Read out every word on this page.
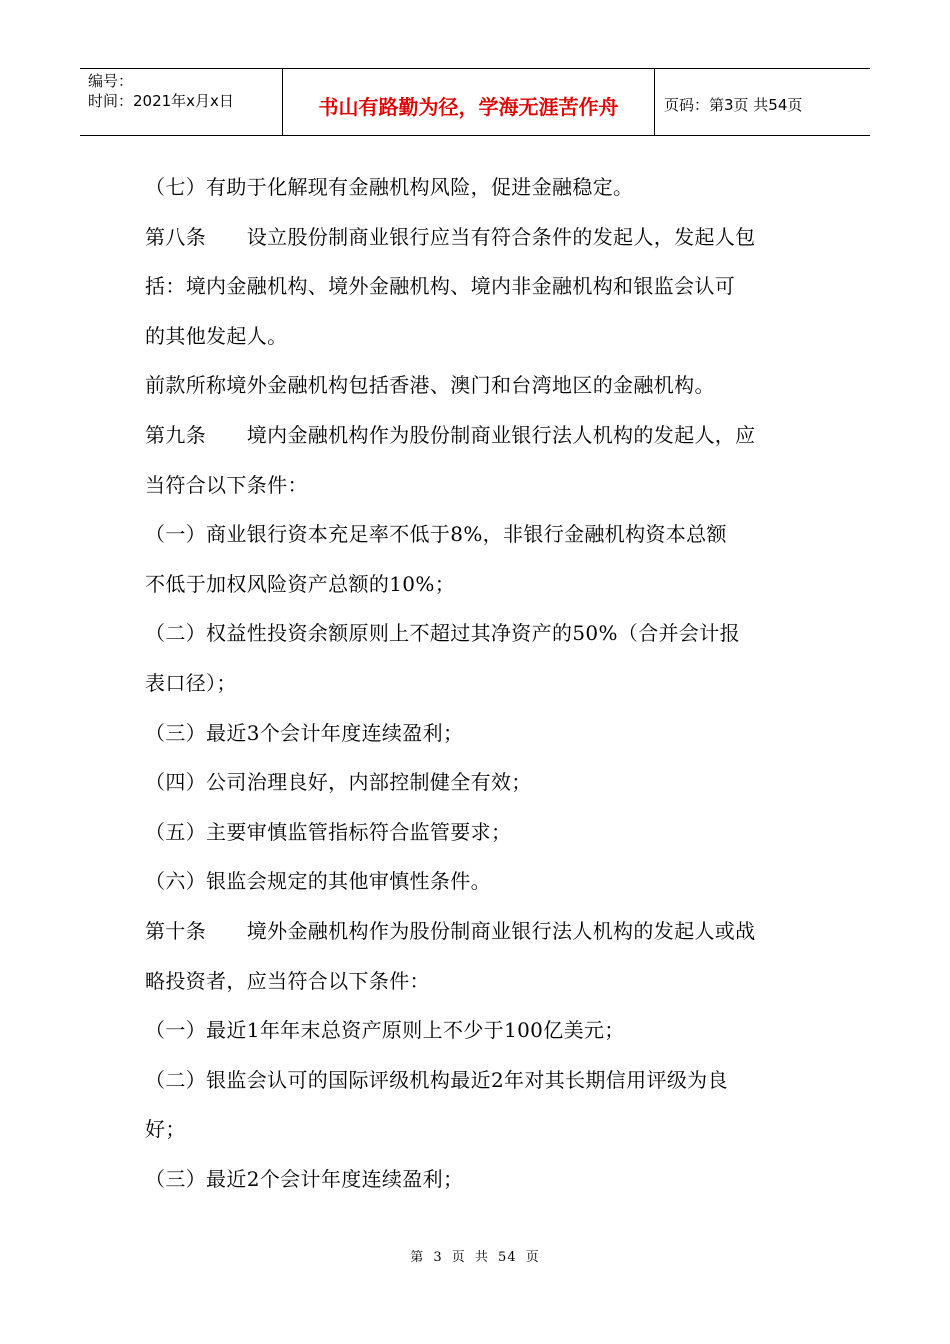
编号：
时间：2021年x月x日	书山有路勤为径，学海无涯苦作舟	页码：第3页 共54页
（七）有助于化解现有金融机构风险，促进金融稳定。
第八条　　设立股份制商业银行应当有符合条件的发起人，发起人包
括：境内金融机构、境外金融机构、境内非金融机构和银监会认可
的其他发起人。
前款所称境外金融机构包括香港、澳门和台湾地区的金融机构。
第九条　　境内金融机构作为股份制商业银行法人机构的发起人，应
当符合以下条件：
（一）商业银行资本充足率不低于8%，非银行金融机构资本总额
不低于加权风险资产总额的10%；
（二）权益性投资余额原则上不超过其净资产的50%（合并会计报
表口径）；
（三）最近3个会计年度连续盈利；
（四）公司治理良好，内部控制健全有效；
（五）主要审慎监管指标符合监管要求；
（六）银监会规定的其他审慎性条件。
第十条　　境外金融机构作为股份制商业银行法人机构的发起人或战
略投资者，应当符合以下条件：
（一）最近1年年末总资产原则上不少于100亿美元；
（二）银监会认可的国际评级机构最近2年对其长期信用评级为良
好；
（三）最近2个会计年度连续盈利；
第 3 页 共 54 页
